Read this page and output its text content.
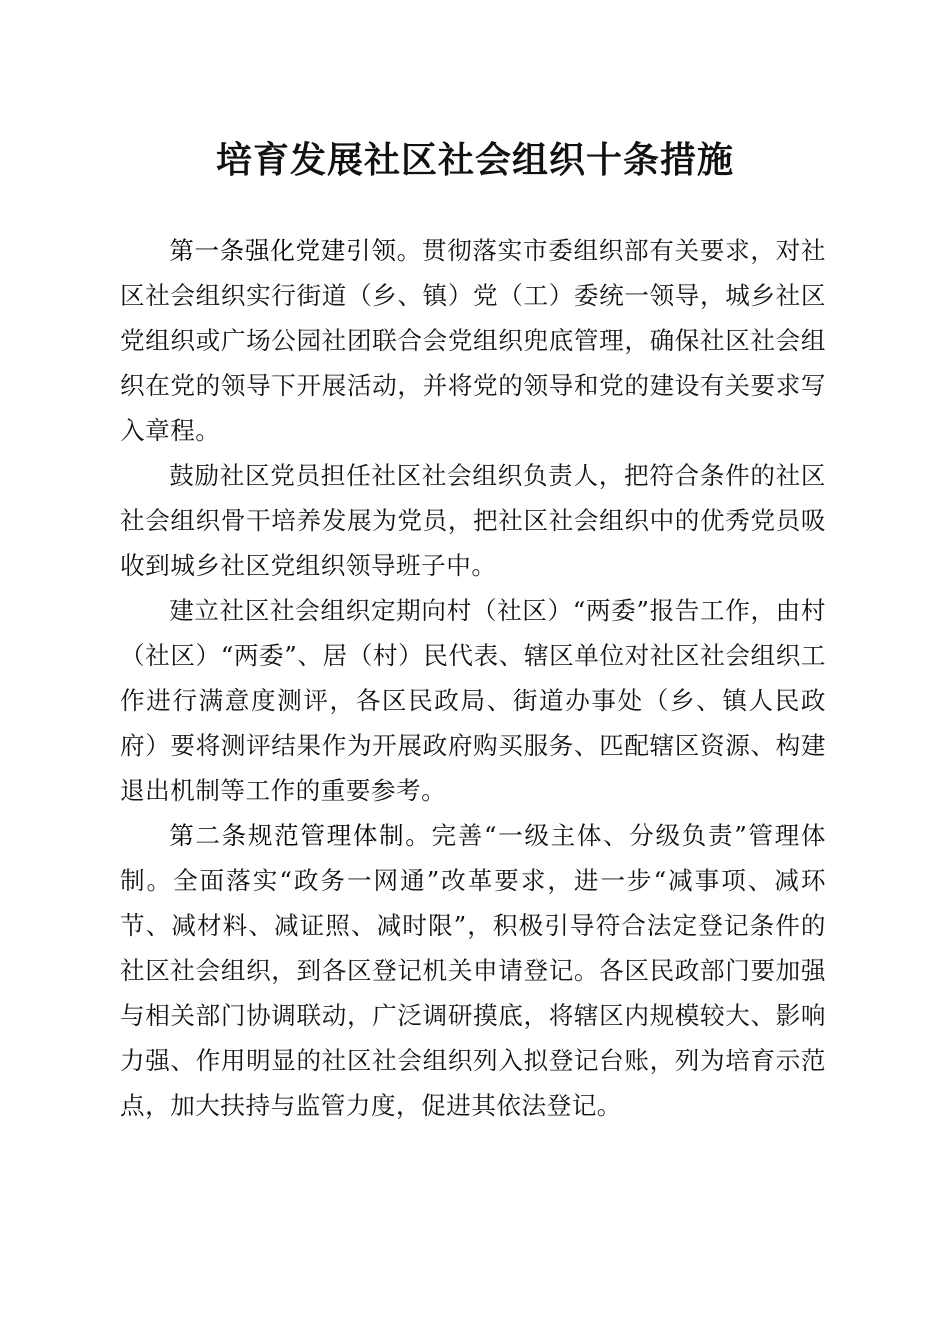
培育发展社区社会组织十条措施

第一条强化党建引领。贯彻落实市委组织部有关要求，对社区社会组织实行街道（乡、镇）党（工）委统一领导，城乡社区党组织或广场公园社团联合会党组织兜底管理，确保社区社会组织在党的领导下开展活动，并将党的领导和党的建设有关要求写入章程。

鼓励社区党员担任社区社会组织负责人，把符合条件的社区社会组织骨干培养发展为党员，把社区社会组织中的优秀党员吸收到城乡社区党组织领导班子中。

建立社区社会组织定期向村（社区）“两委”报告工作，由村（社区）“两委”、居（村）民代表、辖区单位对社区社会组织工作进行满意度测评，各区民政局、街道办事处（乡、镇人民政府）要将测评结果作为开展政府购买服务、匹配辖区资源、构建退出机制等工作的重要参考。

第二条规范管理体制。完善“一级主体、分级负责”管理体制。全面落实“政务一网通”改革要求，进一步“减事项、减环节、减材料、减证照、减时限”，积极引导符合法定登记条件的社区社会组织，到各区登记机关申请登记。各区民政部门要加强与相关部门协调联动，广泛调研摸底，将辖区内规模较大、影响力强、作用明显的社区社会组织列入拟登记台账，列为培育示范点，加大扶持与监管力度，促进其依法登记。
